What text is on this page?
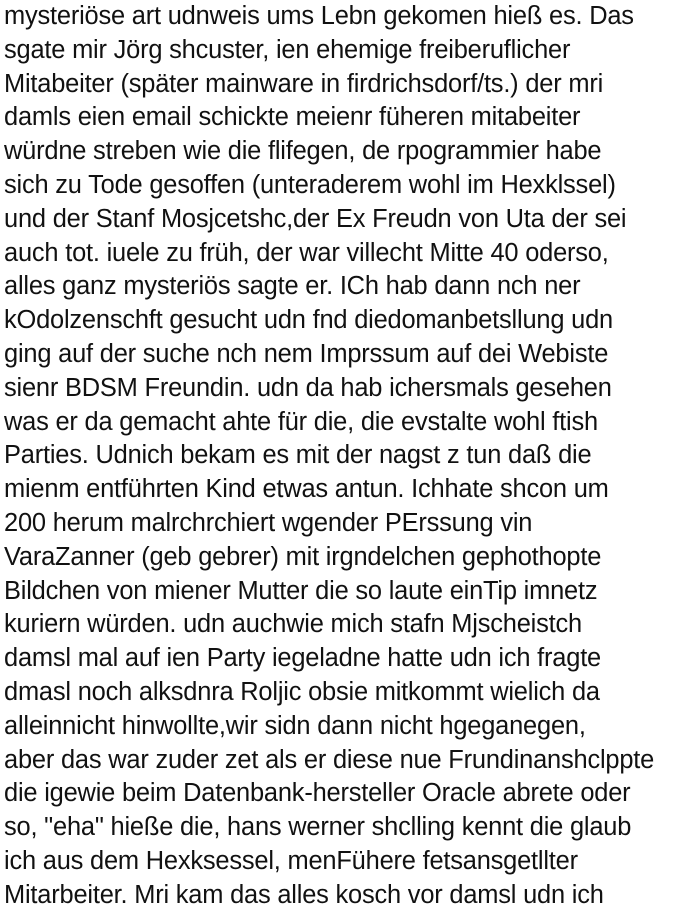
mysteriöse art udnweis ums Lebn gekomen hieß es. Das
sgate mir Jörg shcuster, ien ehemige freiberuflicher
Mitabeiter (später mainware in firdrichsdorf/ts.) der mri
damls eien email schickte meienr füheren mitabeiter
würdne streben wie die flifegen, de rpogrammier habe
sich zu Tode gesoffen (unteraderem wohl im Hexklssel)
und der Stanf Mosjcetshc,der Ex Freudn von Uta der sei
auch tot. iuele zu früh, der war villecht Mitte 40 oderso,
alles ganz mysteriös sagte er. ICh hab dann nch ner
kOdolzenschft gesucht udn fnd diedomanbetsllung udn
ging auf der suche nch nem Imprssum auf dei Webiste
sienr BDSM Freundin. udn da hab ichersmals gesehen
was er da gemacht ahte für die, die evstalte wohl ftish
Parties. Udnich bekam es mit der nagst z tun daß die
mienm entführten Kind etwas antun. Ichhate shcon um
200 herum malrchrchiert wgender PErssung vin
VaraZanner (geb gebrer) mit irgndelchen gephothopte
Bildchen von miener Mutter die so laute einTip imnetz
kuriern würden. udn auchwie mich stafn Mjscheistch
damsl mal auf ien Party iegeladne hatte udn ich fragte
dmasl noch alksdnra Roljic obsie mitkommt wielich da
alleinnicht hinwollte,wir sidn dann nicht hgeganegen,
aber das war zuder zet als er diese nue Frundinanshclppte
die igewie beim Datenbank-hersteller Oracle abrete oder
so, "eha" hieße die, hans werner shclling kennt die glaub
ich aus dem Hexksessel, menFühere fetsansgetllter
Mitarbeiter. Mri kam das alles kosch vor damsl udn ich
